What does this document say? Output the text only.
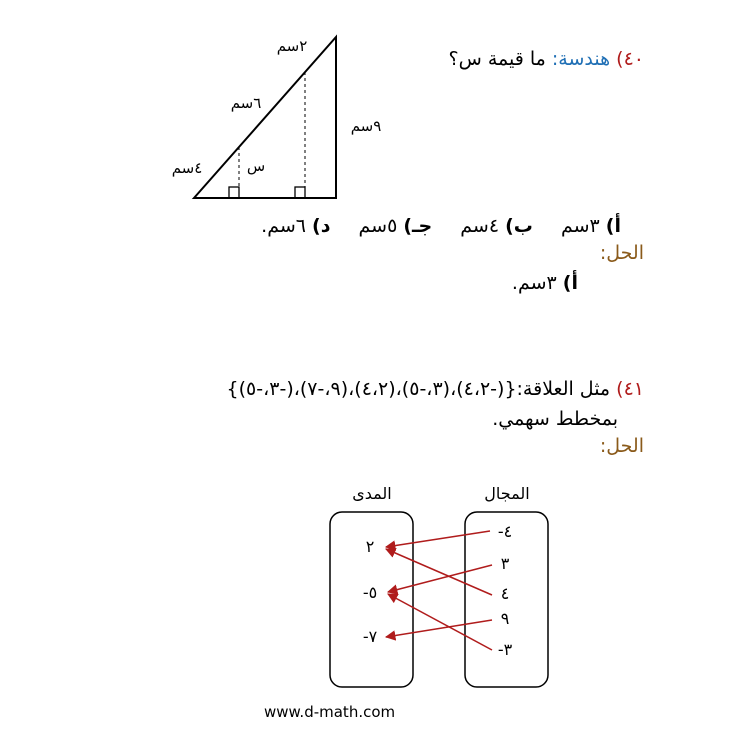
٤٠) هندسة: ما قيمة س؟
٢سم
٦سم
٤سم
٩سم
س
أ) ٣سم ب) ٤سم جـ) ٥سم د) ٦سم.
الحل:
أ) ٣سم.
٤١) مثل العلاقة:{(-٤،٢)،(٣،-٥)،(٤،٢)،(٩،-٧)،(-٣،-٥)}
بمخطط سهمي.
الحل:
المدى	المجال
-٤
٣
٤
٩
-٣
٢
-٥
-٧
www.d-math.com
